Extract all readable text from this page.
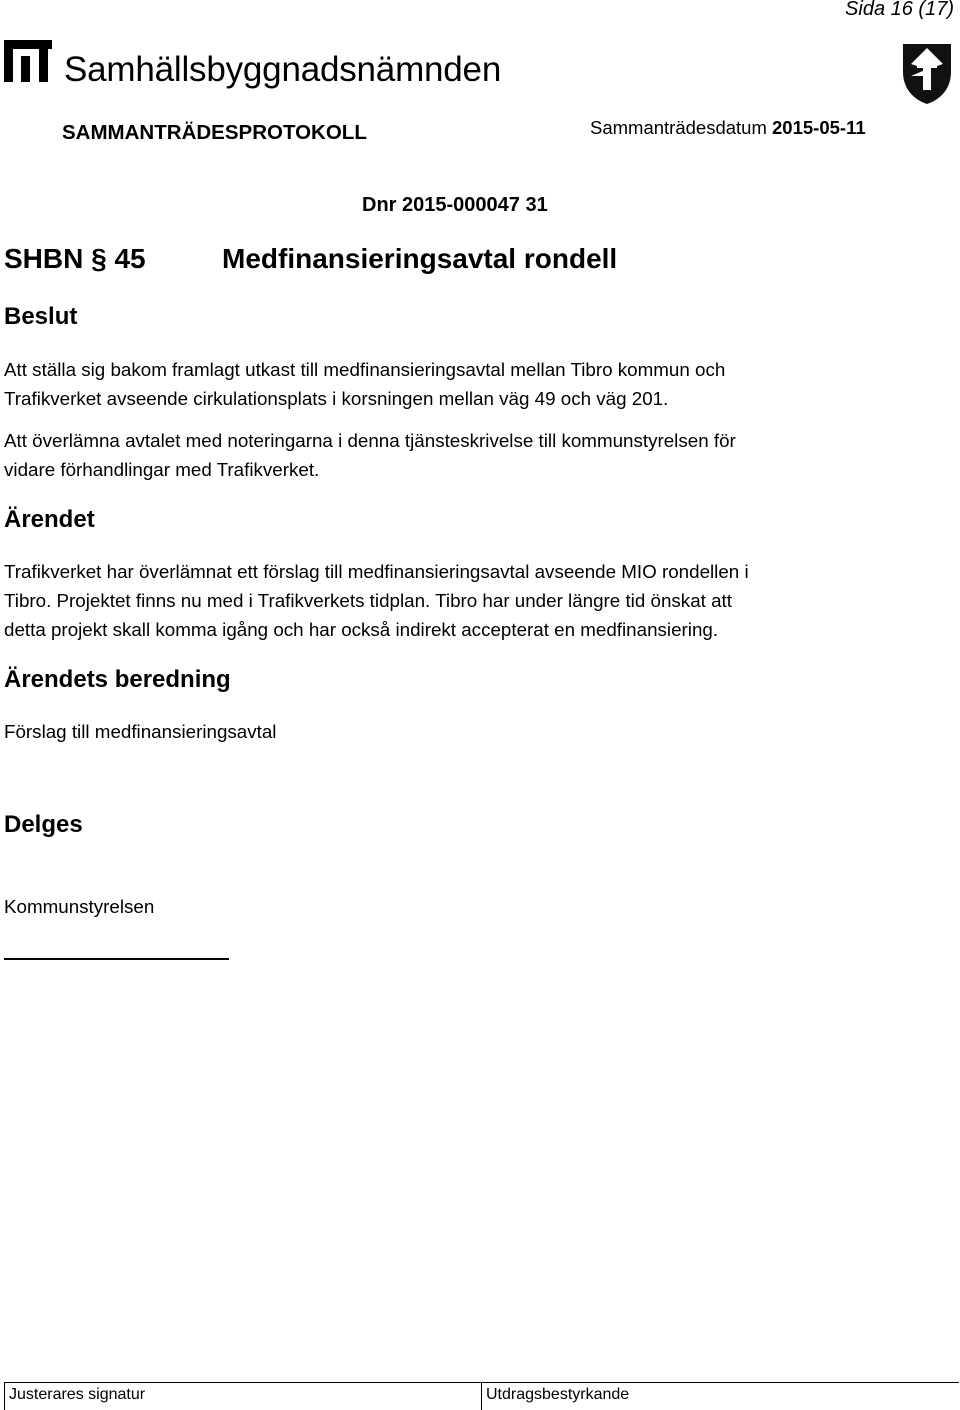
Sida 16 (17)
Samhällsbyggnadsnämnden
SAMMANTRÄDESPROTOKOLL	Sammanträdesdatum 2015-05-11
Dnr 2015-000047 31
SHBN § 45	Medfinansieringsavtal rondell
Beslut
Att ställa sig bakom framlagt utkast till medfinansieringsavtal mellan Tibro kommun och
Trafikverket avseende cirkulationsplats i korsningen mellan väg 49 och väg 201.
Att överlämna avtalet med noteringarna i denna tjänsteskrivelse till kommunstyrelsen för
vidare förhandlingar med Trafikverket.
Ärendet
Trafikverket har överlämnat ett förslag till medfinansieringsavtal avseende MIO rondellen i
Tibro. Projektet finns nu med i Trafikverkets tidplan. Tibro har under längre tid önskat att
detta projekt skall komma igång och har också indirekt accepterat en medfinansiering.
Ärendets beredning
Förslag till medfinansieringsavtal
Delges
Kommunstyrelsen
Justerares signatur	Utdragsbestyrkande
